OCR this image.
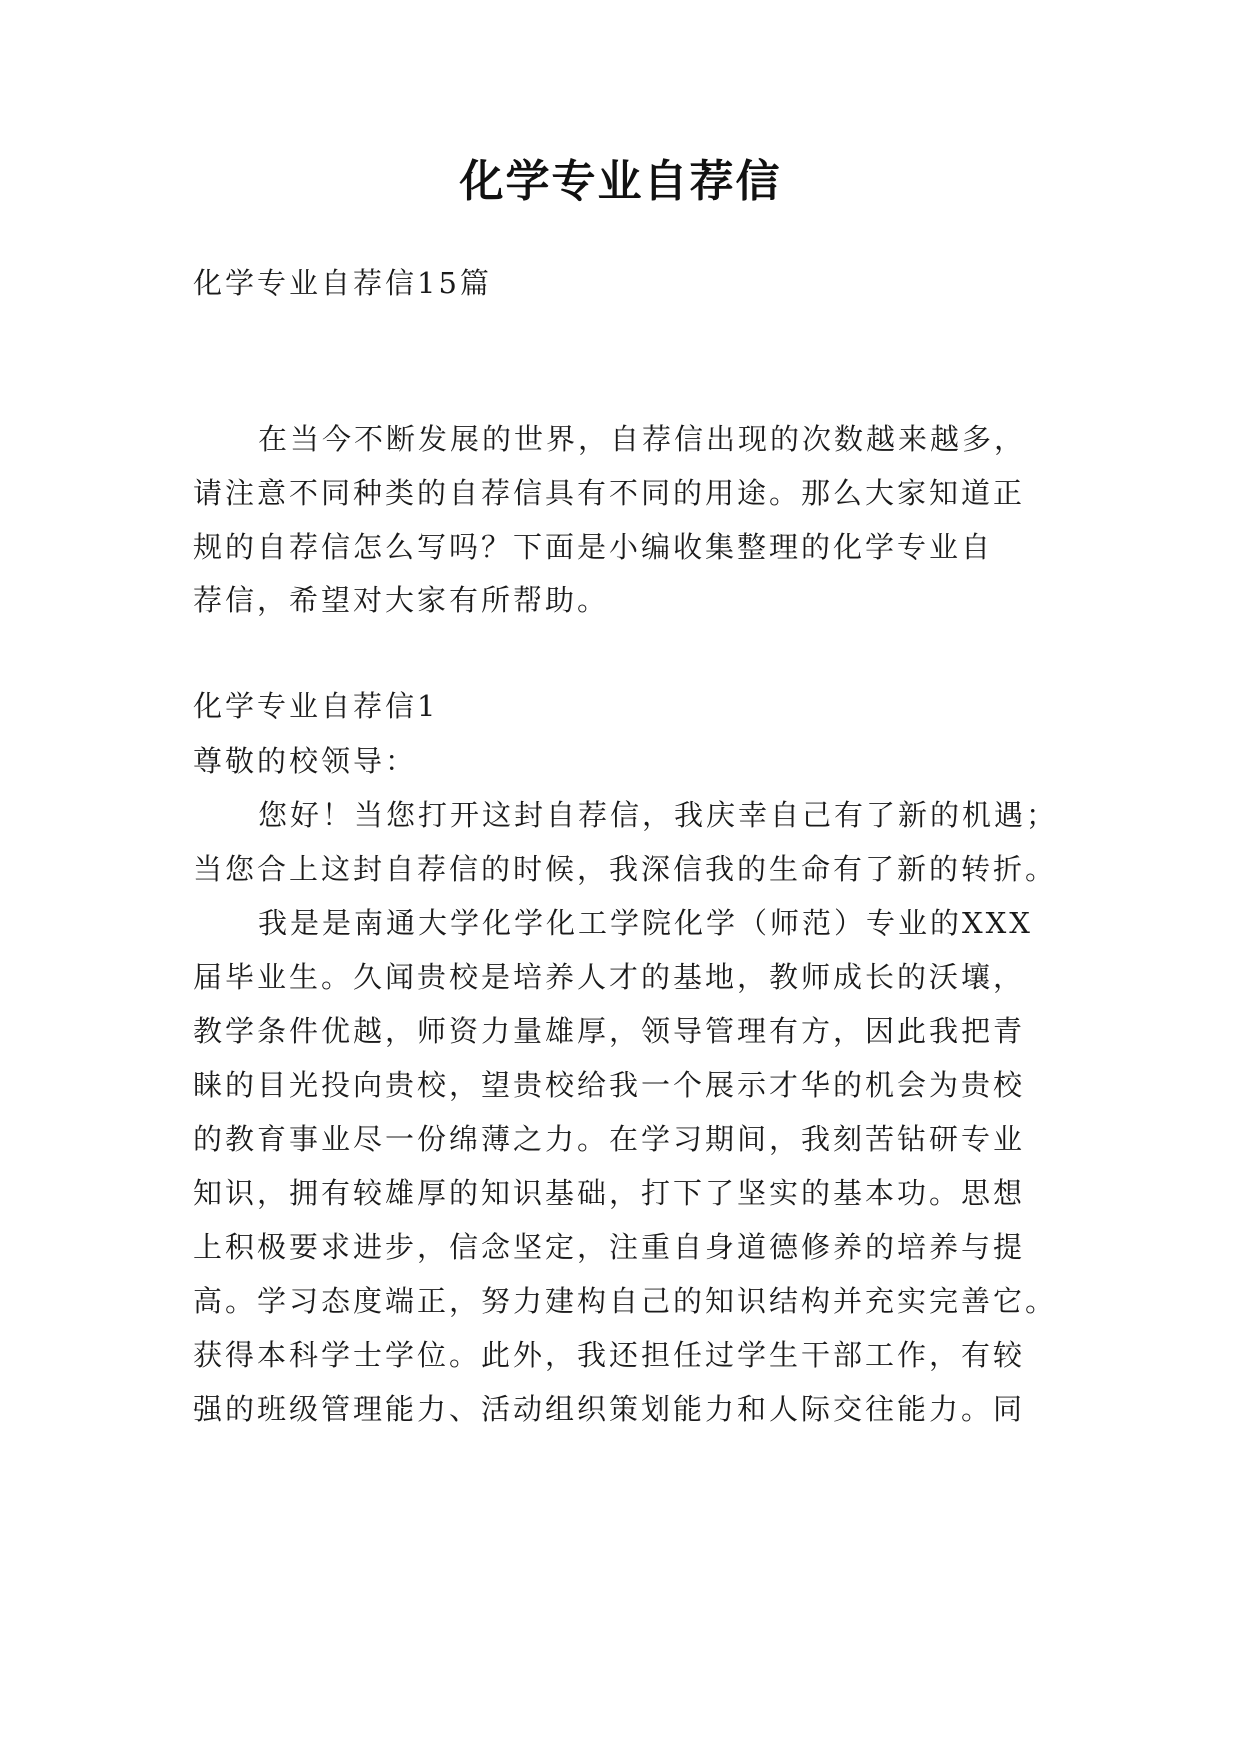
化学专业自荐信
化学专业自荐信15篇
在当今不断发展的世界，自荐信出现的次数越来越多，
请注意不同种类的自荐信具有不同的用途。那么大家知道正
规的自荐信怎么写吗？下面是小编收集整理的化学专业自
荐信，希望对大家有所帮助。
化学专业自荐信1
尊敬的校领导：
您好！当您打开这封自荐信，我庆幸自己有了新的机遇；
当您合上这封自荐信的时候，我深信我的生命有了新的转折。
我是是南通大学化学化工学院化学（师范）专业的XXX
届毕业生。久闻贵校是培养人才的基地，教师成长的沃壤，
教学条件优越，师资力量雄厚，领导管理有方，因此我把青
睐的目光投向贵校，望贵校给我一个展示才华的机会为贵校
的教育事业尽一份绵薄之力。在学习期间，我刻苦钻研专业
知识，拥有较雄厚的知识基础，打下了坚实的基本功。思想
上积极要求进步，信念坚定，注重自身道德修养的培养与提
高。学习态度端正，努力建构自己的知识结构并充实完善它。
获得本科学士学位。此外，我还担任过学生干部工作，有较
强的班级管理能力、活动组织策划能力和人际交往能力。同
